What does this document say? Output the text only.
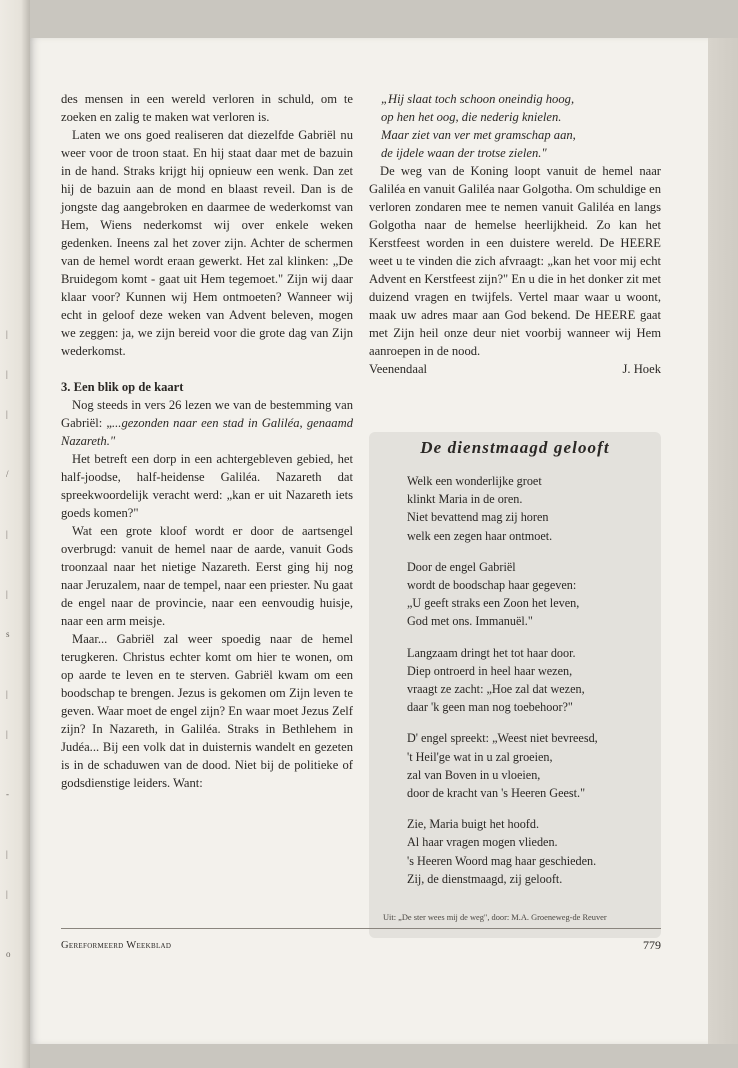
|
|
|
/
|
|
s
|
|
-
|
|
o

des mensen in een wereld verloren in schuld, om te zoeken en zalig te maken wat verloren is.

Laten we ons goed realiseren dat diezelfde Gabriël nu weer voor de troon staat. En hij staat daar met de bazuin in de hand. Straks krijgt hij opnieuw een wenk. Dan zet hij de bazuin aan de mond en blaast reveil. Dan is de jongste dag aangebroken en daarmee de wederkomst van Hem, Wiens nederkomst wij over enkele weken gedenken. Ineens zal het zover zijn. Achter de schermen van de hemel wordt eraan gewerkt. Het zal klinken: „De Bruidegom komt - gaat uit Hem tegemoet." Zijn wij daar klaar voor? Kunnen wij Hem ontmoeten? Wanneer wij echt in geloof deze weken van Advent beleven, mogen we zeggen: ja, we zijn bereid voor die grote dag van Zijn wederkomst.

3. Een blik op de kaart

Nog steeds in vers 26 lezen we van de bestemming van Gabriël: „...gezonden naar een stad in Galiléa, genaamd Nazareth."

Het betreft een dorp in een achtergebleven gebied, het half-joodse, half-heidense Galiléa. Nazareth dat spreekwoordelijk veracht werd: „kan er uit Nazareth iets goeds komen?"

Wat een grote kloof wordt er door de aartsengel overbrugd: vanuit de hemel naar de aarde, vanuit Gods troonzaal naar het nietige Nazareth. Eerst ging hij nog naar Jeruzalem, naar de tempel, naar een priester. Nu gaat de engel naar de provincie, naar een eenvoudig huisje, naar een arm meisje.

Maar... Gabriël zal weer spoedig naar de hemel terugkeren. Christus echter komt om hier te wonen, om op aarde te leven en te sterven. Gabriël kwam om een boodschap te brengen. Jezus is gekomen om Zijn leven te geven. Waar moet de engel zijn? En waar moet Jezus Zelf zijn? In Nazareth, in Galiléa. Straks in Bethlehem in Judéa... Bij een volk dat in duisternis wandelt en gezeten is in de schaduwen van de dood. Niet bij de politieke of godsdienstige leiders. Want:

„Hij slaat toch schoon oneindig hoog,
op hen het oog, die nederig knielen.
Maar ziet van ver met gramschap aan,
de ijdele waan der trotse zielen."

De weg van de Koning loopt vanuit de hemel naar Galiléa en vanuit Galiléa naar Golgotha. Om schuldige en verloren zondaren mee te nemen vanuit Galiléa en langs Golgotha naar de hemelse heerlijkheid. Zo kan het Kerstfeest worden in een duistere wereld. De HEERE weet u te vinden die zich afvraagt: „kan het voor mij echt Advent en Kerstfeest zijn?" En u die in het donker zit met duizend vragen en twijfels. Vertel maar waar u woont, maak uw adres maar aan God bekend. De HEERE gaat met Zijn heil onze deur niet voorbij wanneer wij Hem aanroepen in de nood.

Veenendaal	J. Hoek
De dienstmaagd gelooft
Welk een wonderlijke groet
klinkt Maria in de oren.
Niet bevattend mag zij horen
welk een zegen haar ontmoet.
Door de engel Gabriël
wordt de boodschap haar gegeven:
„U geeft straks een Zoon het leven,
God met ons. Immanuël."
Langzaam dringt het tot haar door.
Diep ontroerd in heel haar wezen,
vraagt ze zacht: „Hoe zal dat wezen,
daar 'k geen man nog toebehoor?"
D' engel spreekt: „Weest niet bevreesd,
't Heil'ge wat in u zal groeien,
zal van Boven in u vloeien,
door de kracht van 's Heeren Geest."
Zie, Maria buigt het hoofd.
Al haar vragen mogen vlieden.
's Heeren Woord mag haar geschieden.
Zij, de dienstmaagd, zij gelooft.
Uit: „De ster wees mij de weg", door: M.A. Groeneweg-de Reuver
Gereformeerd Weekblad	779
